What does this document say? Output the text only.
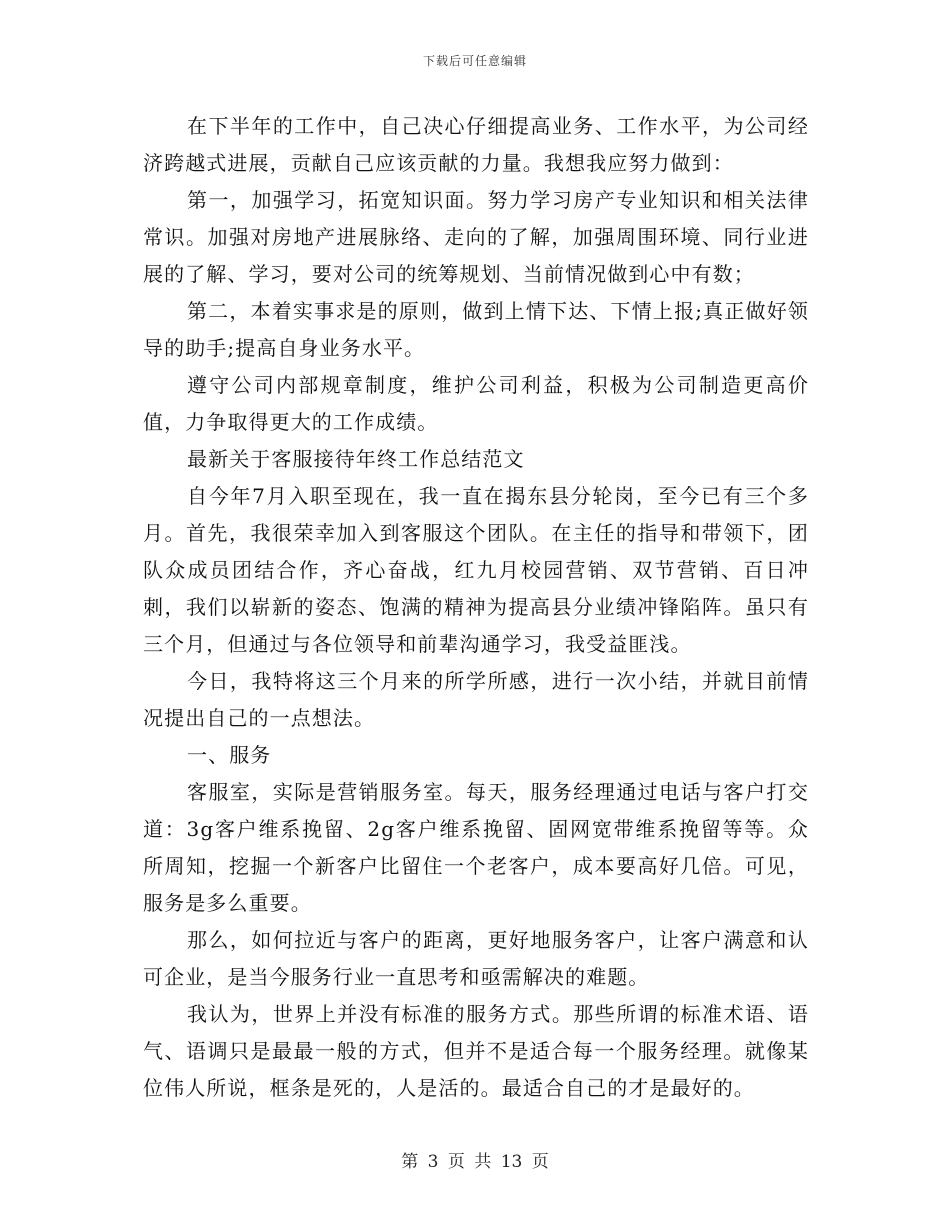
下载后可任意编辑

在下半年的工作中，自己决心仔细提高业务、工作水平，为公司经济跨越式进展，贡献自己应该贡献的力量。我想我应努力做到：

第一，加强学习，拓宽知识面。努力学习房产专业知识和相关法律常识。加强对房地产进展脉络、走向的了解，加强周围环境、同行业进展的了解、学习，要对公司的统筹规划、当前情况做到心中有数；

第二，本着实事求是的原则，做到上情下达、下情上报;真正做好领导的助手;提高自身业务水平。

遵守公司内部规章制度，维护公司利益，积极为公司制造更高价值，力争取得更大的工作成绩。

最新关于客服接待年终工作总结范文

自今年7月入职至现在，我一直在揭东县分轮岗，至今已有三个多月。首先，我很荣幸加入到客服这个团队。在主任的指导和带领下，团队众成员团结合作，齐心奋战，红九月校园营销、双节营销、百日冲刺，我们以崭新的姿态、饱满的精神为提高县分业绩冲锋陷阵。虽只有三个月，但通过与各位领导和前辈沟通学习，我受益匪浅。

今日，我特将这三个月来的所学所感，进行一次小结，并就目前情况提出自己的一点想法。

一、服务

客服室，实际是营销服务室。每天，服务经理通过电话与客户打交道：3g客户维系挽留、2g客户维系挽留、固网宽带维系挽留等等。众所周知，挖掘一个新客户比留住一个老客户，成本要高好几倍。可见，服务是多么重要。

那么，如何拉近与客户的距离，更好地服务客户，让客户满意和认可企业，是当今服务行业一直思考和亟需解决的难题。

我认为，世界上并没有标准的服务方式。那些所谓的标准术语、语气、语调只是最最一般的方式，但并不是适合每一个服务经理。就像某位伟人所说，框条是死的，人是活的。最适合自己的才是最好的。

第 3 页 共 13 页
